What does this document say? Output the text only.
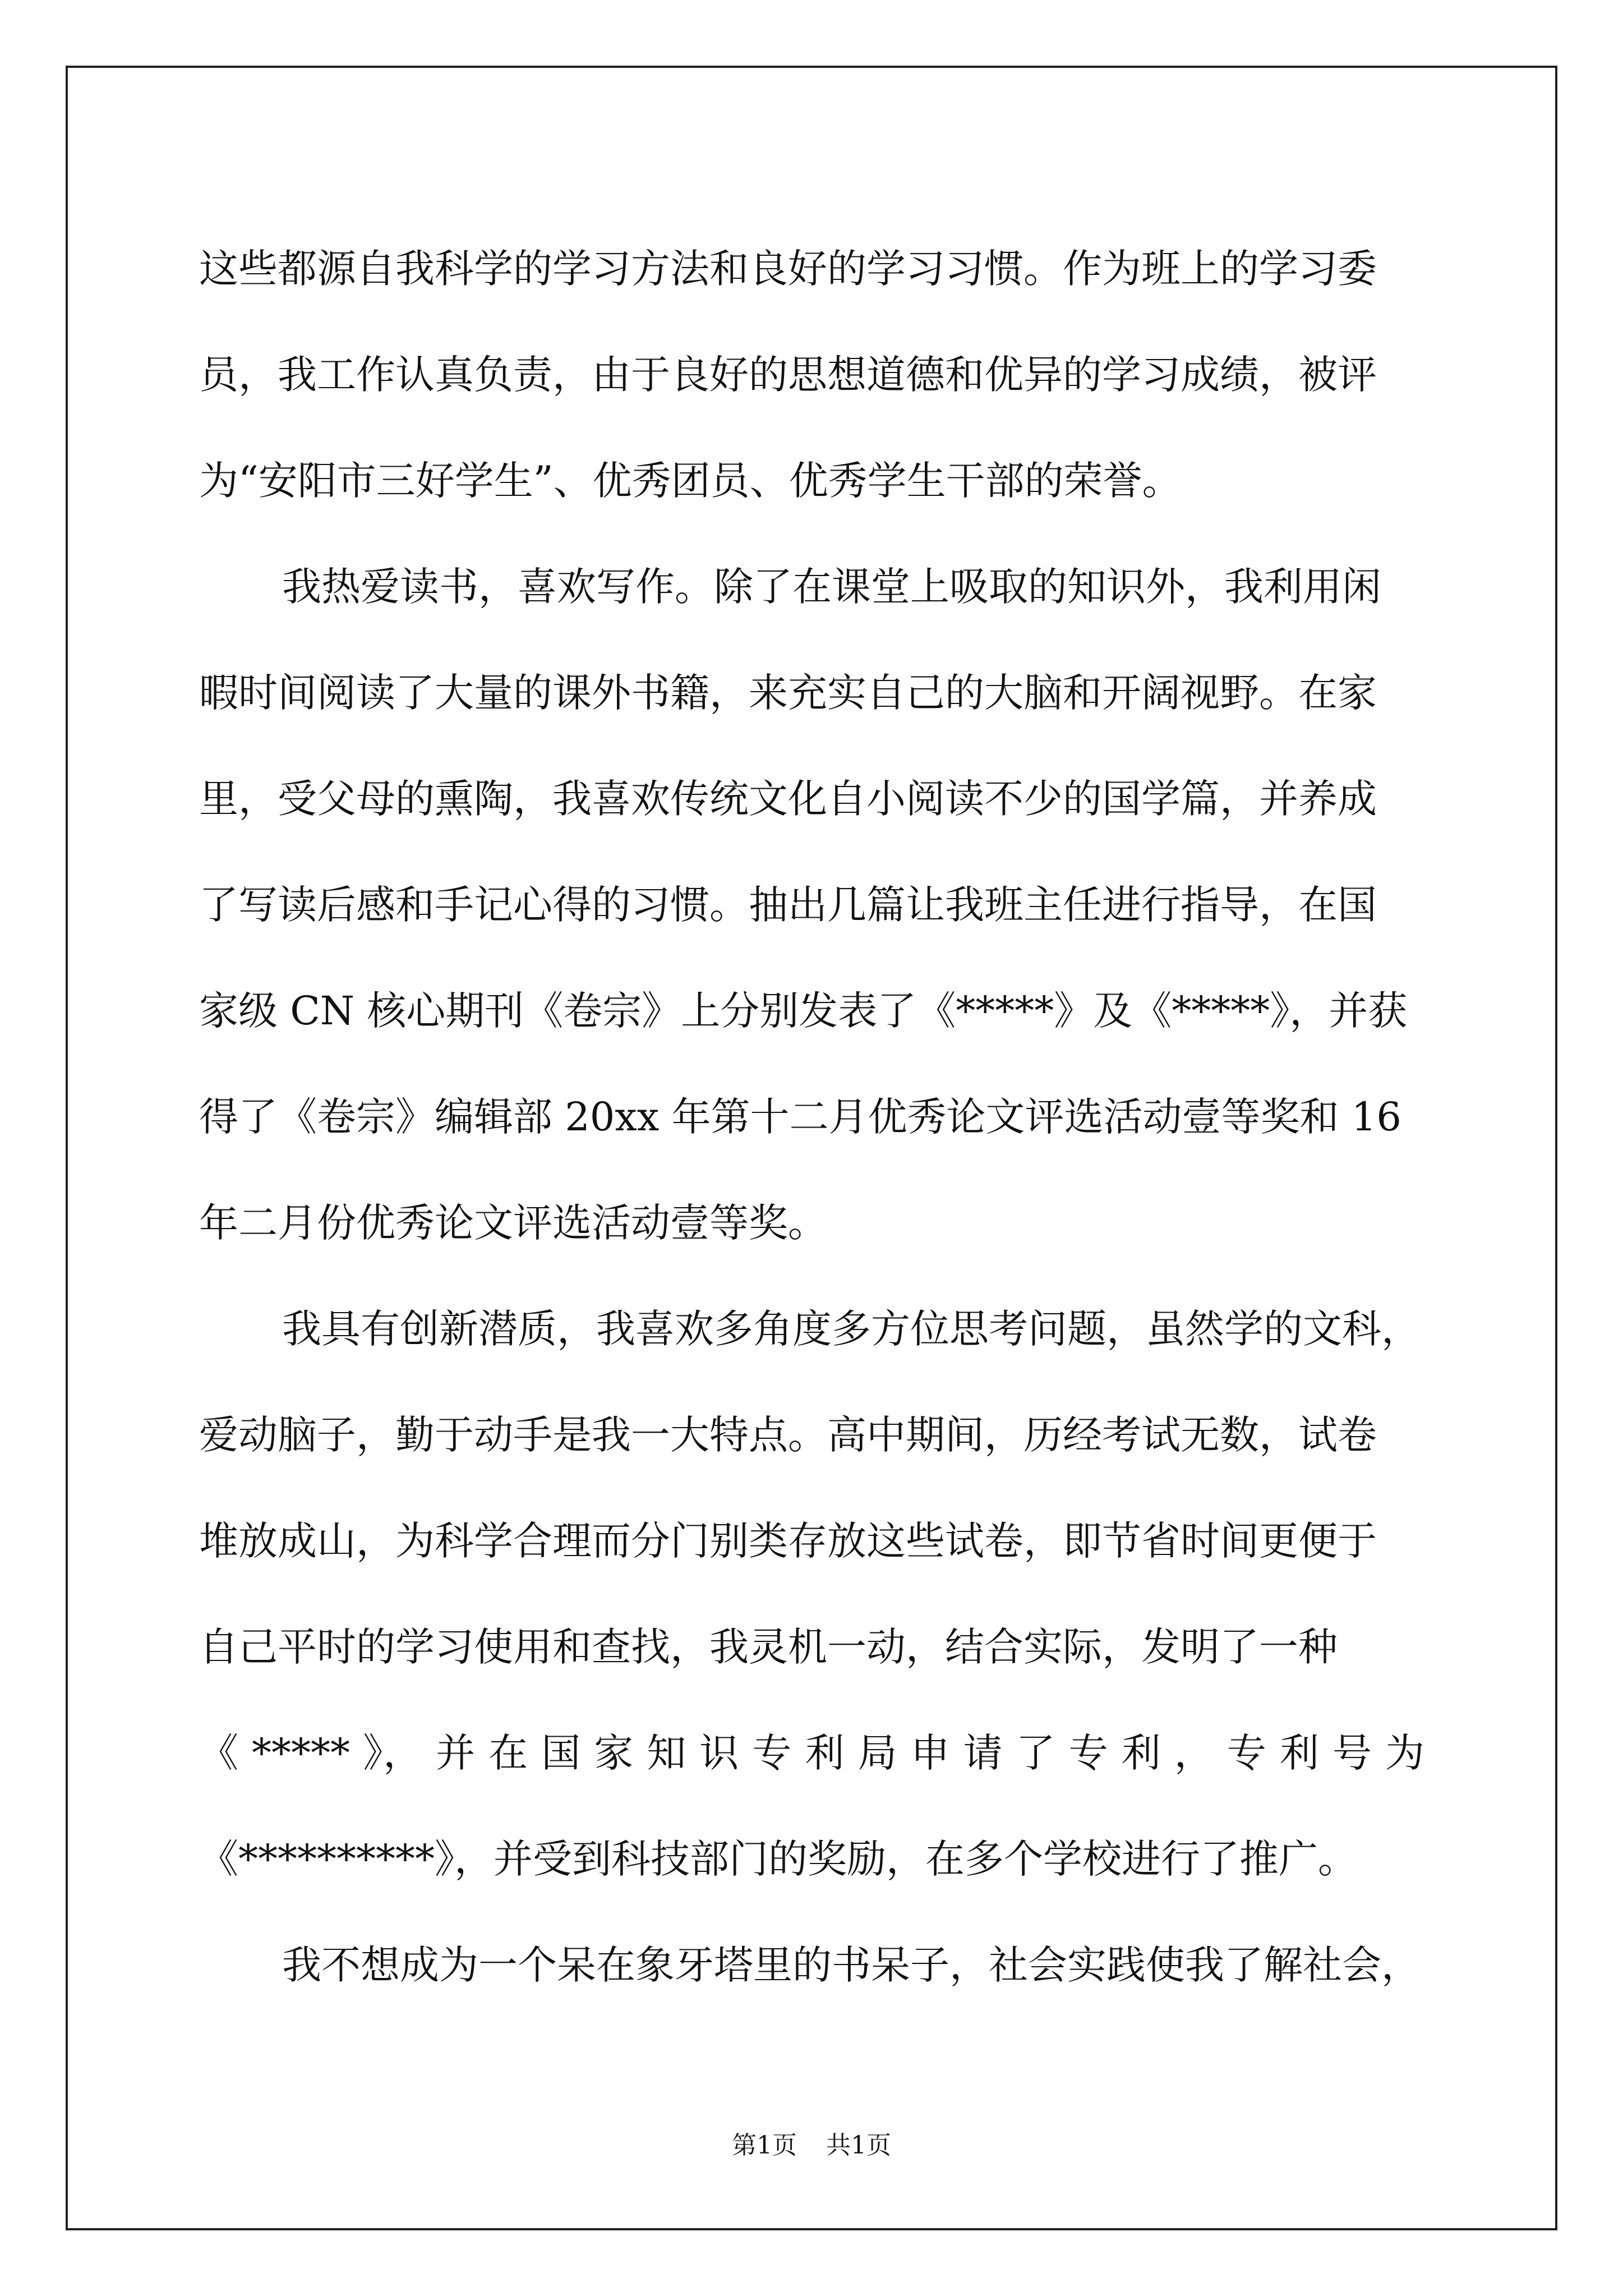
这些都源自我科学的学习方法和良好的学习习惯。作为班上的学习委
员，我工作认真负责，由于良好的思想道德和优异的学习成绩，被评
为“安阳市三好学生”、优秀团员、优秀学生干部的荣誉。
我热爱读书，喜欢写作。除了在课堂上吸取的知识外，我利用闲
暇时间阅读了大量的课外书籍，来充实自己的大脑和开阔视野。在家
里，受父母的熏陶，我喜欢传统文化自小阅读不少的国学篇，并养成
了写读后感和手记心得的习惯。抽出几篇让我班主任进行指导，在国
家级 CN 核心期刊《卷宗》上分别发表了《*****》及《*****》，并获
得了《卷宗》编辑部 20xx 年第十二月优秀论文评选活动壹等奖和 16
年二月份优秀论文评选活动壹等奖。
我具有创新潜质，我喜欢多角度多方位思考问题，虽然学的文科，
爱动脑子，勤于动手是我一大特点。高中期间，历经考试无数，试卷
堆放成山，为科学合理而分门别类存放这些试卷，即节省时间更便于
自己平时的学习使用和查找，我灵机一动，结合实际，发明了一种
《 ***** 》， 并 在 国 家 知 识 专 利 局 申 请 了 专 利 ， 专 利 号 为
《**********》，并受到科技部门的奖励，在多个学校进行了推广。
我不想成为一个呆在象牙塔里的书呆子，社会实践使我了解社会，
第1页 共1页
